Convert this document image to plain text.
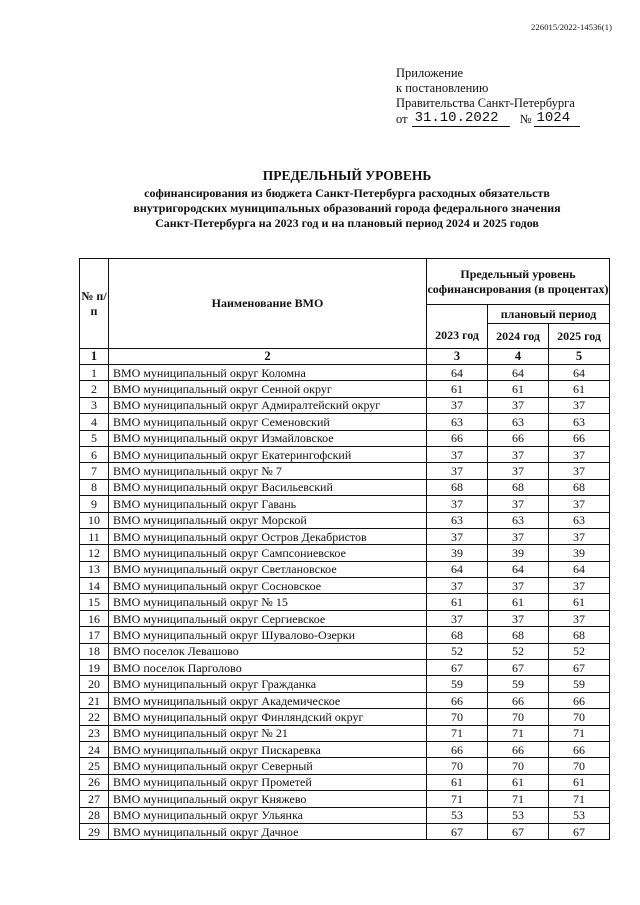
226015/2022-14536(1)
Приложение
к постановлению
Правительства Санкт-Петербурга
от 31.10.2022	№ 1024
ПРЕДЕЛЬНЫЙ УРОВЕНЬ
софинансирования из бюджета Санкт-Петербурга расходных обязательств
внутригородских муниципальных образований города федерального значения
Санкт-Петербурга на 2023 год и на плановый период 2024 и 2025 годов
№ п/п	Наименование ВМО	Предельный уровень софинансирования (в процентах)		
		2023 год	плановый период	
			2024 год	2025 год
1	2	3	4	5
1	ВМО муниципальный округ Коломна	64	64	64
2	ВМО муниципальный округ Сенной округ	61	61	61
3	ВМО муниципальный округ Адмиралтейский округ	37	37	37
4	ВМО муниципальный округ Семеновский	63	63	63
5	ВМО муниципальный округ Измайловское	66	66	66
6	ВМО муниципальный округ Екатерингофский	37	37	37
7	ВМО муниципальный округ № 7	37	37	37
8	ВМО муниципальный округ Васильевский	68	68	68
9	ВМО муниципальный округ Гавань	37	37	37
10	ВМО муниципальный округ Морской	63	63	63
11	ВМО муниципальный округ Остров Декабристов	37	37	37
12	ВМО муниципальный округ Сампсониевское	39	39	39
13	ВМО муниципальный округ Светлановское	64	64	64
14	ВМО муниципальный округ Сосновское	37	37	37
15	ВМО муниципальный округ № 15	61	61	61
16	ВМО муниципальный округ Сергиевское	37	37	37
17	ВМО муниципальный округ Шувалово-Озерки	68	68	68
18	ВМО поселок Левашово	52	52	52
19	ВМО поселок Парголово	67	67	67
20	ВМО муниципальный округ Гражданка	59	59	59
21	ВМО муниципальный округ Академическое	66	66	66
22	ВМО муниципальный округ Финляндский округ	70	70	70
23	ВМО муниципальный округ № 21	71	71	71
24	ВМО муниципальный округ Пискаревка	66	66	66
25	ВМО муниципальный округ Северный	70	70	70
26	ВМО муниципальный округ Прометей	61	61	61
27	ВМО муниципальный округ Княжево	71	71	71
28	ВМО муниципальный округ Ульянка	53	53	53
29	ВМО муниципальный округ Дачное	67	67	67
